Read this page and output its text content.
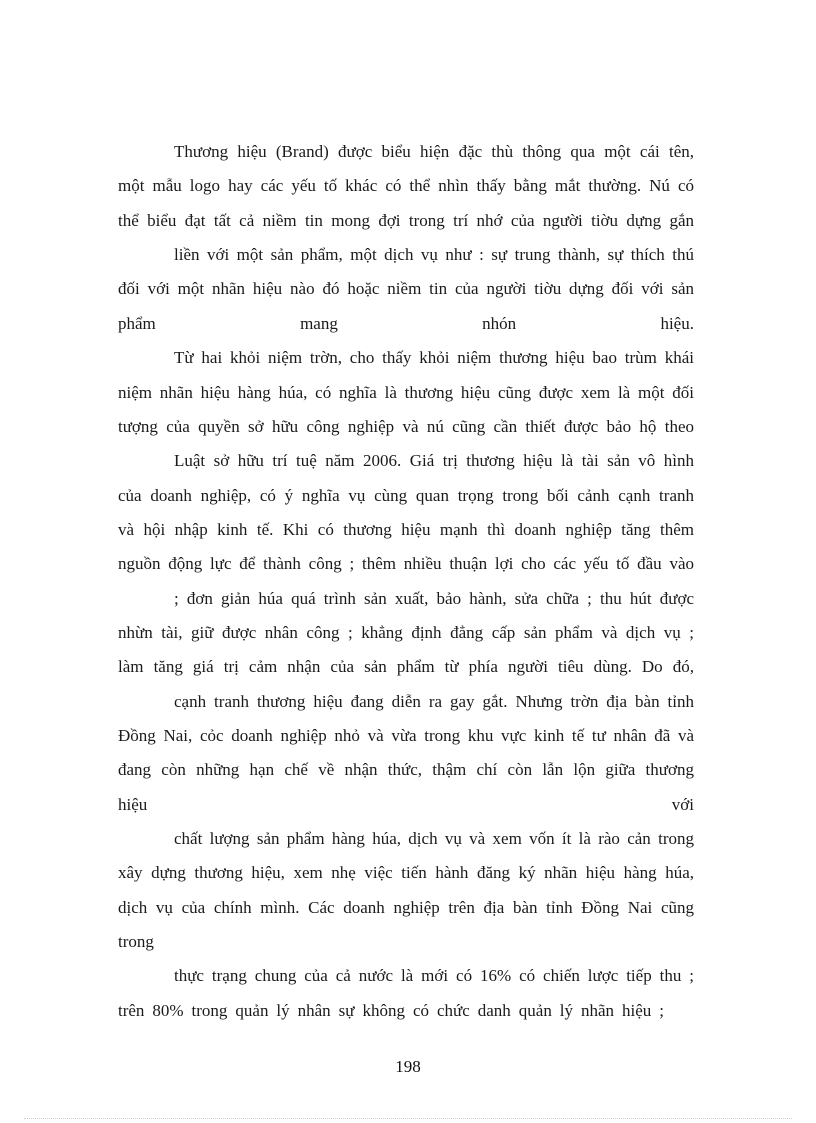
Thương hiệu (Brand) được biểu hiện đặc thù thông qua một cái tên,
một mẫu logo hay các yếu tố khác có thể nhìn thấy bằng mắt thường. Nú có
thể biểu đạt tất cả niềm tin mong đợi trong trí nhớ của người tiờu dựng gắn
liền với một sản phẩm, một dịch vụ như : sự trung thành, sự thích thú
đối với một nhãn hiệu nào đó hoặc niềm tin của người tiờu dựng đối với sản
phẩm	mang	nhón	hiệu.
Từ hai khỏi niệm trờn, cho thấy khỏi niệm thương hiệu bao trùm khái
niệm nhãn hiệu hàng húa, có nghĩa là thương hiệu cũng được xem là một đối
tượng của quyền sở hữu công nghiệp và nú cũng cần thiết được bảo hộ theo
Luật sở hữu trí tuệ năm 2006. Giá trị thương hiệu là tài sản vô hình
của doanh nghiệp, có ý nghĩa vụ cùng quan trọng trong bối cảnh cạnh tranh
và hội nhập kinh tế. Khi có thương hiệu mạnh thì doanh nghiệp tăng thêm
nguồn động lực để thành công ; thêm nhiều thuận lợi cho các yếu tố đầu vào
; đơn giản húa quá trình sản xuất, bảo hành, sửa chữa ; thu hút được
nhừn tài, giữ được nhân công ; khẳng định đẳng cấp sản phẩm và dịch vụ ;
làm tăng giá trị cảm nhận của sản phẩm từ phía người tiêu dùng. Do đó,
cạnh tranh thương hiệu đang diễn ra gay gắt. Nhưng trờn địa bàn tỉnh
Đồng Nai, cỏc doanh nghiệp nhỏ và vừa trong khu vực kinh tế tư nhân đã và
đang còn những hạn chế về nhận thức, thậm chí còn lẫn lộn giữa thương
hiệu	với
chất lượng sản phẩm hàng húa, dịch vụ và xem vốn ít là rào cản trong
xây dựng thương hiệu, xem nhẹ việc tiến hành đăng ký nhãn hiệu hàng húa,
dịch vụ của chính mình. Các doanh nghiệp trên địa bàn tỉnh Đồng Nai cũng
trong
thực trạng chung của cả nước là mới có 16% có chiến lược tiếp thu ;
trên 80% trong quản lý nhân sự không có chức danh quản lý nhãn hiệu ;
198
